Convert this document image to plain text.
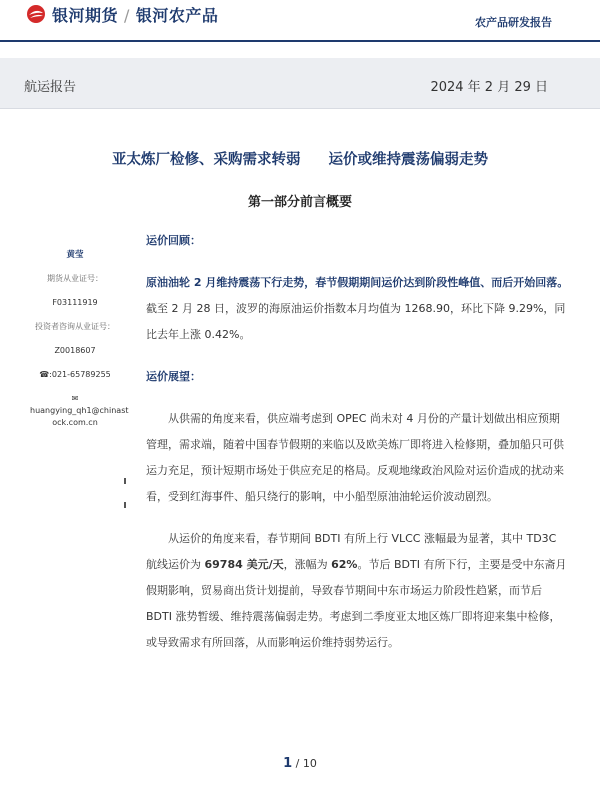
银河期货 / 银河农产品	农产品研发报告
航运报告	2024 年 2 月 29 日
亚太炼厂检修、采购需求转弱 运价或维持震荡偏弱走势
第一部分前言概要
黄莹
期货从业证号：
F03111919
投资者咨询从业证号：
Z0018607
☎:021-65789255
✉huangying_qh1@chinast
ock.com.cn

运价回顾：

原油油轮 2 月维持震荡下行走势，春节假期期间运价达到阶段性峰值、而后开始回落。截至 2 月 28 日，波罗的海原油运价指数本月均值为 1268.90，环比下降 9.29%，同比去年上涨 0.42%。

运价展望：

从供需的角度来看，供应端考虑到 OPEC 尚未对 4 月份的产量计划做出相应预期管理，需求端，随着中国春节假期的来临以及欧美炼厂即将进入检修期，叠加船只可供运力充足，预计短期市场处于供应充足的格局。反观地缘政治风险对运价造成的扰动来看，受到红海事件、船只绕行的影响，中小船型原油油轮运价波动剧烈。

从运价的角度来看，春节期间 BDTI 有所上行 VLCC 涨幅最为显著，其中 TD3C 航线运价为 69784 美元/天，涨幅为 62%。节后 BDTI 有所下行，主要是受中东斋月假期影响，贸易商出货计划提前，导致春节期间中东市场运力阶段性趋紧，而节后 BDTI 涨势暂缓、维持震荡偏弱走势。考虑到二季度亚太地区炼厂即将迎来集中检修，或导致需求有所回落，从而影响运价维持弱势运行。

1 / 10
